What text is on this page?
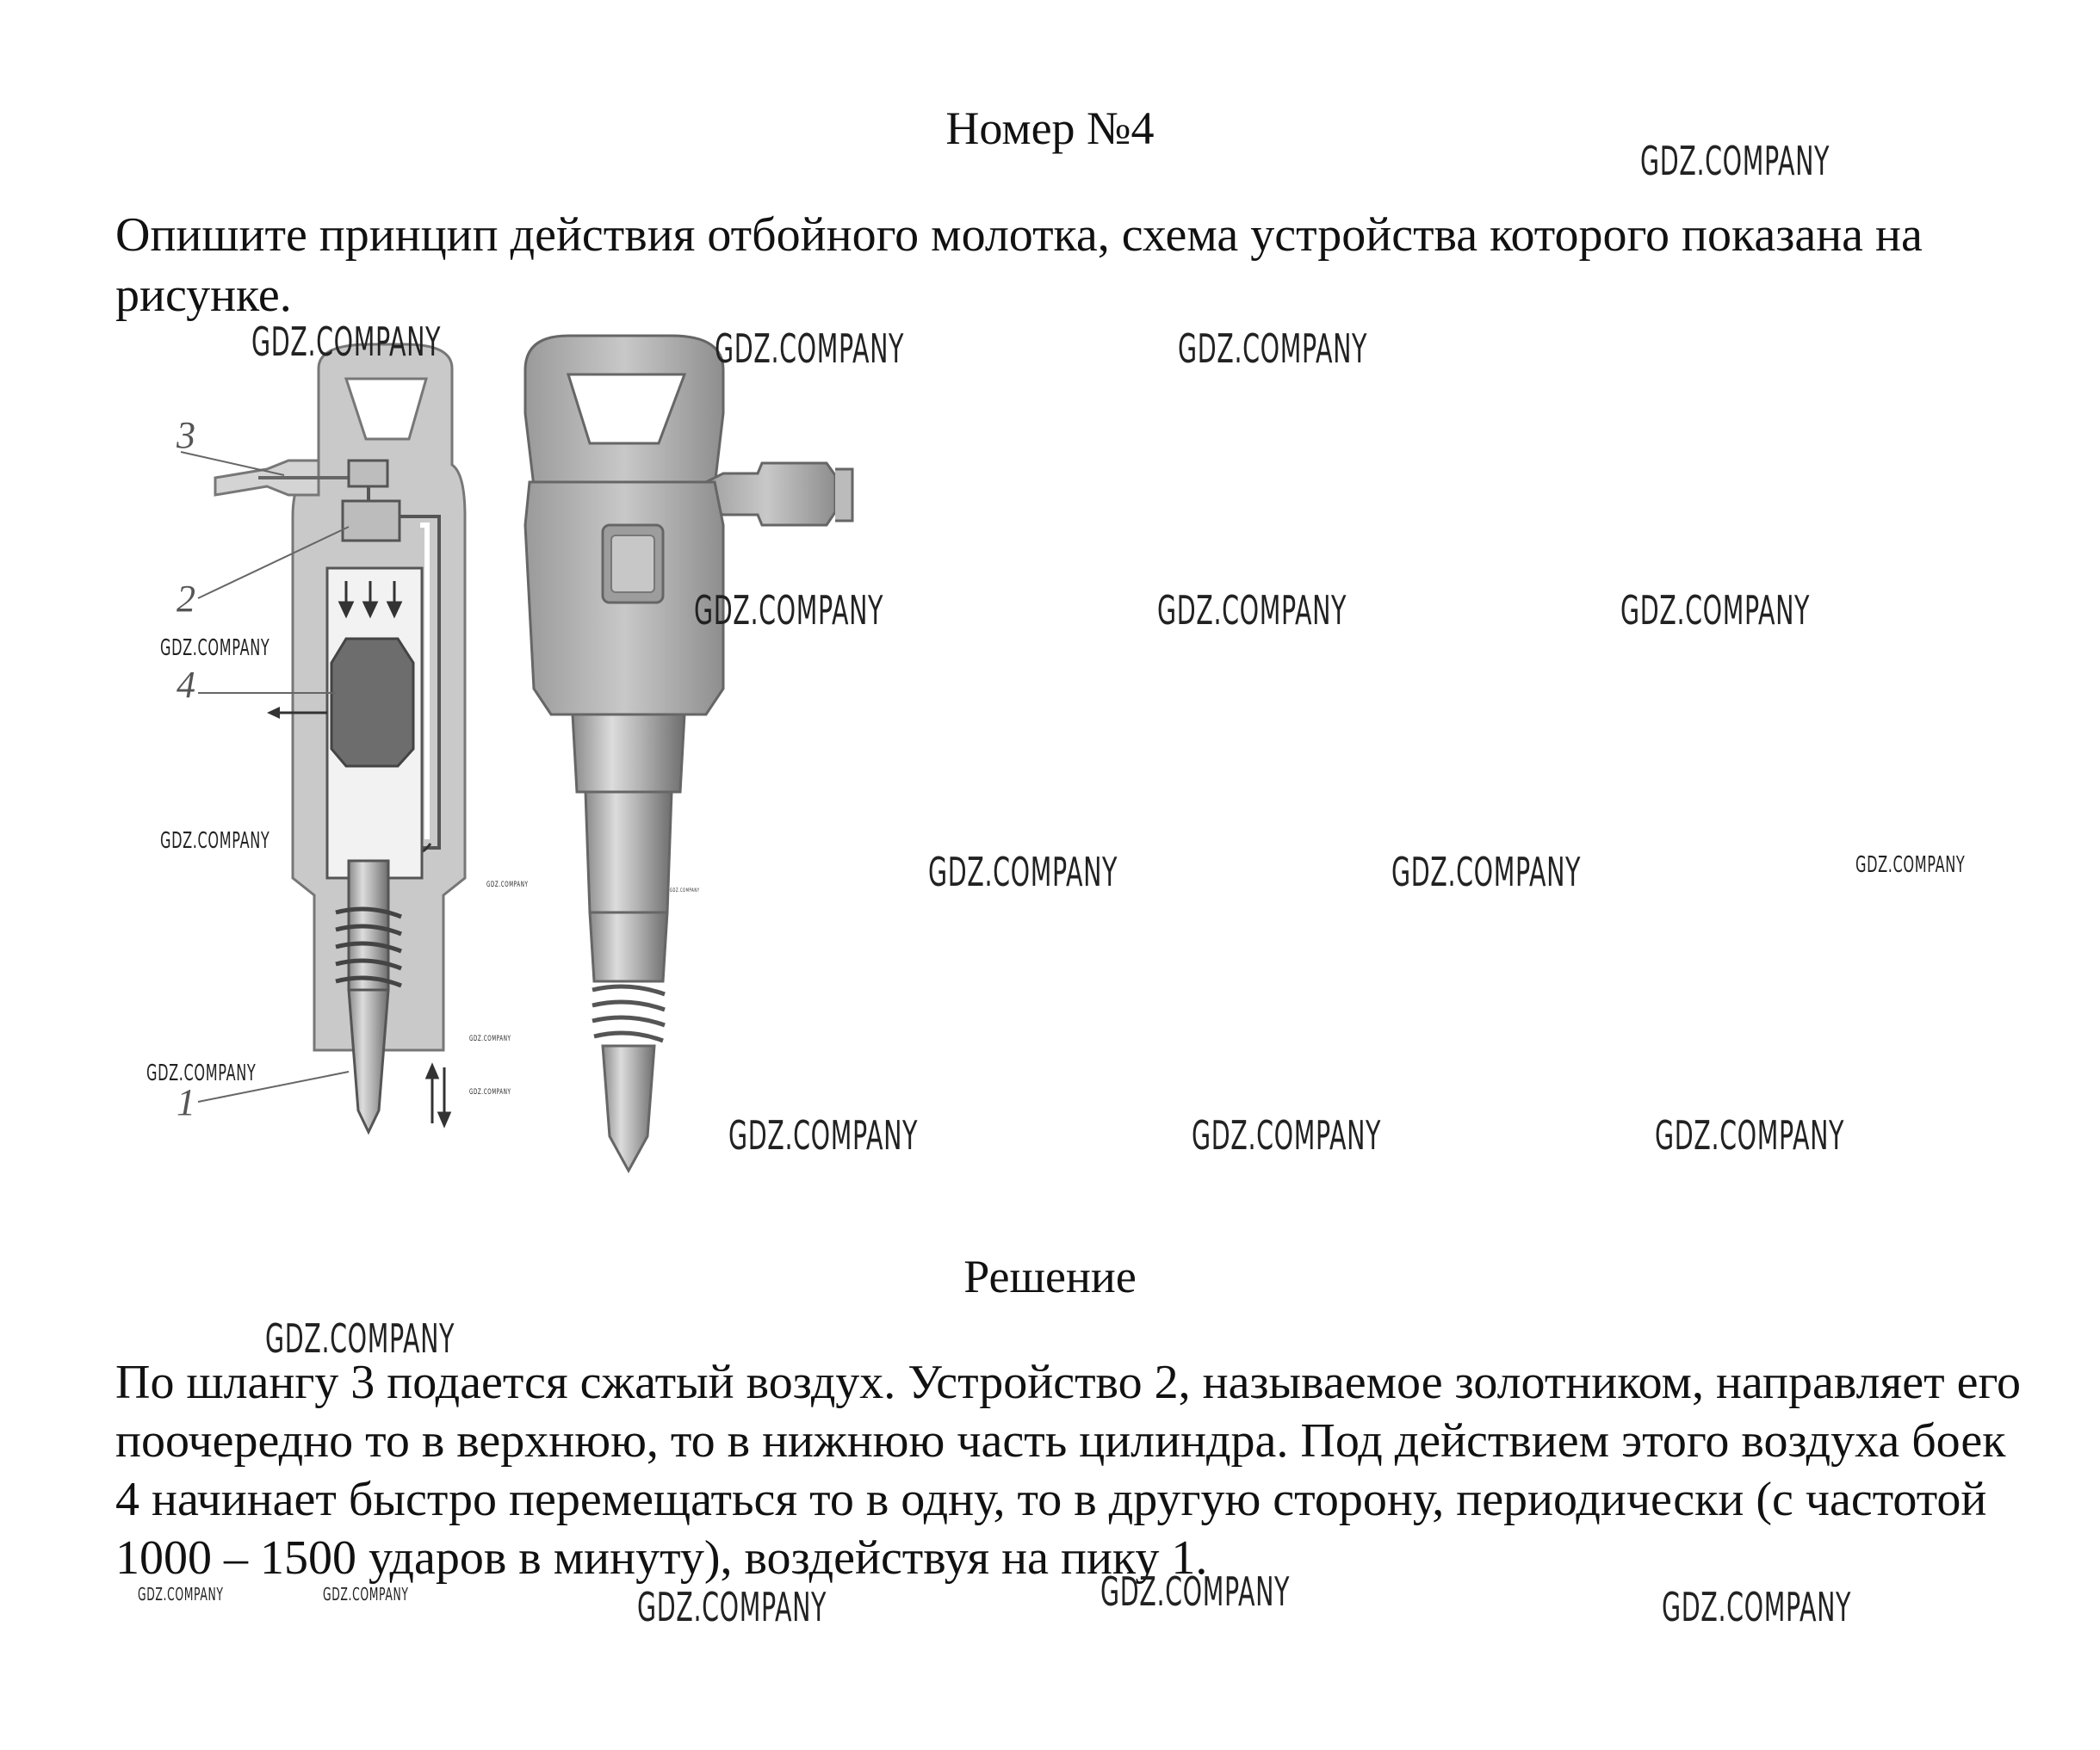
Номер №4
Опишите принцип действия отбойного молотка, схема устройства которого показана на рисунке.
3
2
4
1
Решение
По шлангу 3 подается сжатый воздух. Устройство 2, называемое золотником, направляет его поочередно то в верхнюю, то в нижнюю часть цилиндра. Под действием этого воздуха боек 4 начинает быстро перемещаться то в одну, то в другую сторону, периодически (с частотой 1000 – 1500 ударов в минуту), воздействуя на пику 1.
GDZ.COMPANY
GDZ.COMPANY	GDZ.COMPANY	GDZ.COMPANY
GDZ.COMPANY	GDZ.COMPANY	GDZ.COMPANY
GDZ.COMPANY
GDZ.COMPANY
GDZ.COMPANY
GDZ.COMPANY	GDZ.COMPANY	GDZ.COMPANY	GDZ.COMPANY
GDZ.COMPANY
GDZ.COMPANY
GDZ.COMPANY
GDZ.COMPANY	GDZ.COMPANY	GDZ.COMPANY
GDZ.COMPANY
GDZ.COMPANY	GDZ.COMPANY	GDZ.COMPANY	GDZ.COMPANY	GDZ.COMPANY
